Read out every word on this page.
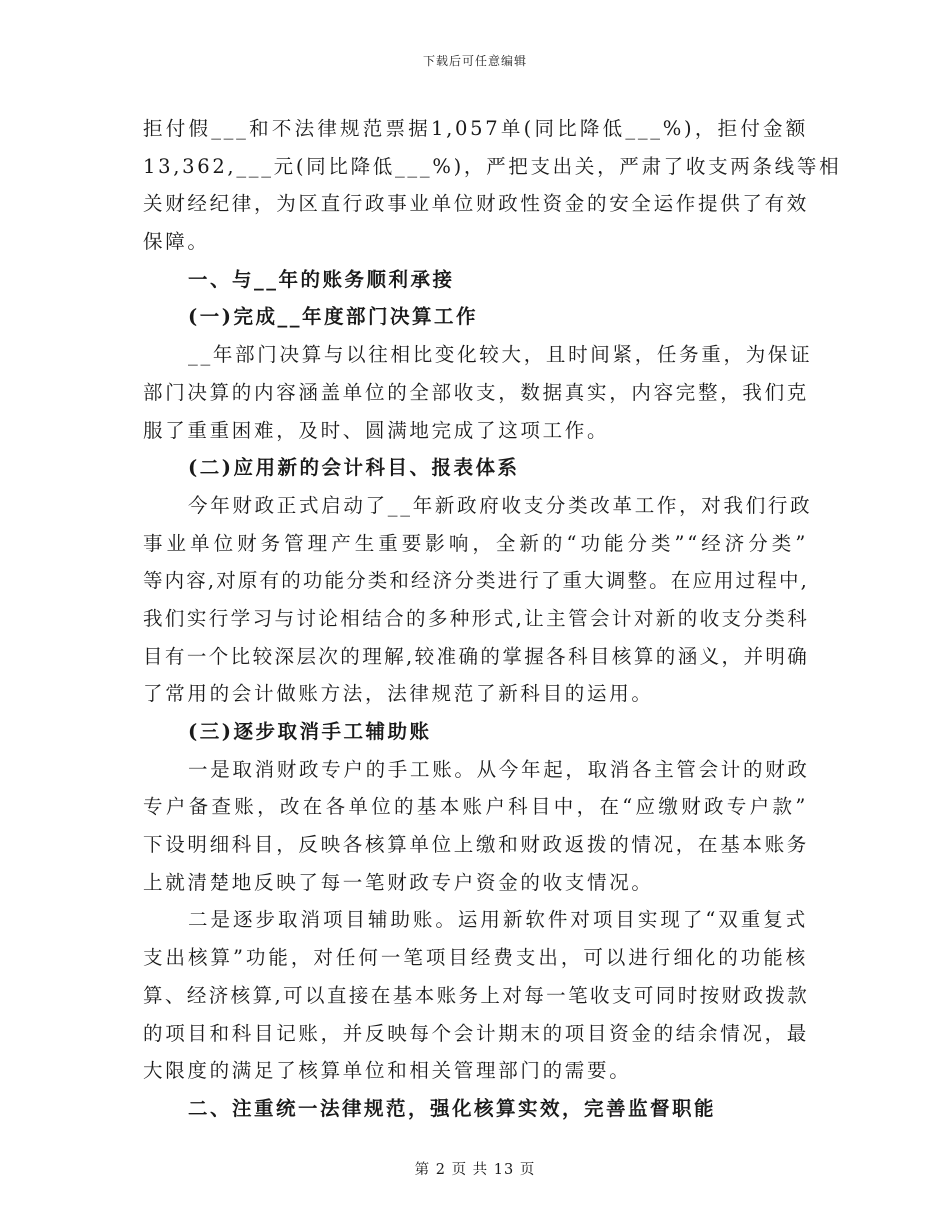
下载后可任意编辑
拒付假___和不法律规范票据1,057单(同比降低___%)，拒付金额
13,362,___元(同比降低___%)，严把支出关，严肃了收支两条线等相
关财经纪律，为区直行政事业单位财政性资金的安全运作提供了有效
保障。
一、与__年的账务顺利承接
(一)完成__年度部门决算工作
__年部门决算与以往相比变化较大，且时间紧，任务重，为保证
部门决算的内容涵盖单位的全部收支，数据真实，内容完整，我们克
服了重重困难，及时、圆满地完成了这项工作。
(二)应用新的会计科目、报表体系
今年财政正式启动了__年新政府收支分类改革工作，对我们行政
事业单位财务管理产生重要影响，全新的“功能分类”“经济分类”
等内容,对原有的功能分类和经济分类进行了重大调整。在应用过程中,
我们实行学习与讨论相结合的多种形式,让主管会计对新的收支分类科
目有一个比较深层次的理解,较准确的掌握各科目核算的涵义，并明确
了常用的会计做账方法，法律规范了新科目的运用。
(三)逐步取消手工辅助账
一是取消财政专户的手工账。从今年起，取消各主管会计的财政
专户备查账，改在各单位的基本账户科目中，在“应缴财政专户款”
下设明细科目，反映各核算单位上缴和财政返拨的情况，在基本账务
上就清楚地反映了每一笔财政专户资金的收支情况。
二是逐步取消项目辅助账。运用新软件对项目实现了“双重复式
支出核算”功能，对任何一笔项目经费支出，可以进行细化的功能核
算、经济核算,可以直接在基本账务上对每一笔收支可同时按财政拨款
的项目和科目记账，并反映每个会计期末的项目资金的结余情况，最
大限度的满足了核算单位和相关管理部门的需要。
二、注重统一法律规范，强化核算实效，完善监督职能
第 2 页 共 13 页
